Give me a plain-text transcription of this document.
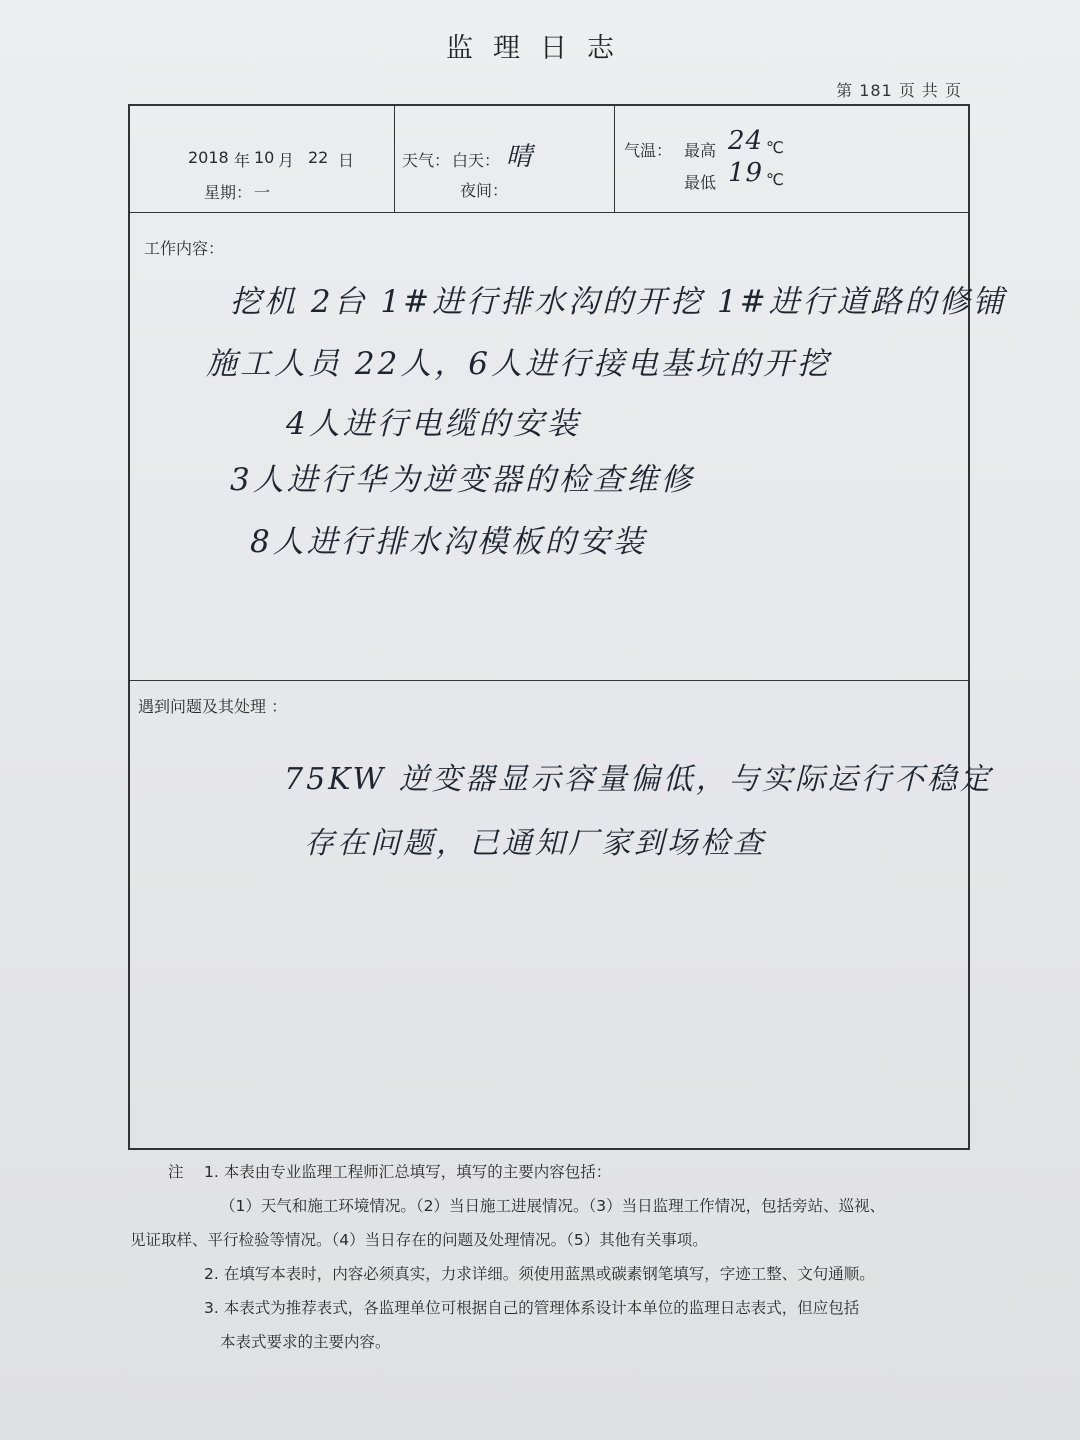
监理日志
第 181 页 共 页
2018 年 10 月 22 日
星期： 一
天气： 白天： 晴
夜间：
气温： 最高 24 ℃
最低 19 ℃
工作内容：
挖机 2台 1#进行排水沟的开挖 1#进行道路的修铺
施工人员 22人，6人进行接电基坑的开挖
4人进行电缆的安装
3人进行华为逆变器的检查维修
8人进行排水沟模板的安装
遇到问题及其处理 ：
75KW 逆变器显示容量偏低，与实际运行不稳定
存在问题，已通知厂家到场检查
注 1. 本表由专业监理工程师汇总填写，填写的主要内容包括：
（1）天气和施工环境情况。（2）当日施工进展情况。（3）当日监理工作情况，包括旁站、巡视、
见证取样、平行检验等情况。（4）当日存在的问题及处理情况。（5）其他有关事项。
2. 在填写本表时，内容必须真实，力求详细。须使用蓝黑或碳素钢笔填写，字迹工整、文句通顺。
3. 本表式为推荐表式，各监理单位可根据自己的管理体系设计本单位的监理日志表式，但应包括
本表式要求的主要内容。
